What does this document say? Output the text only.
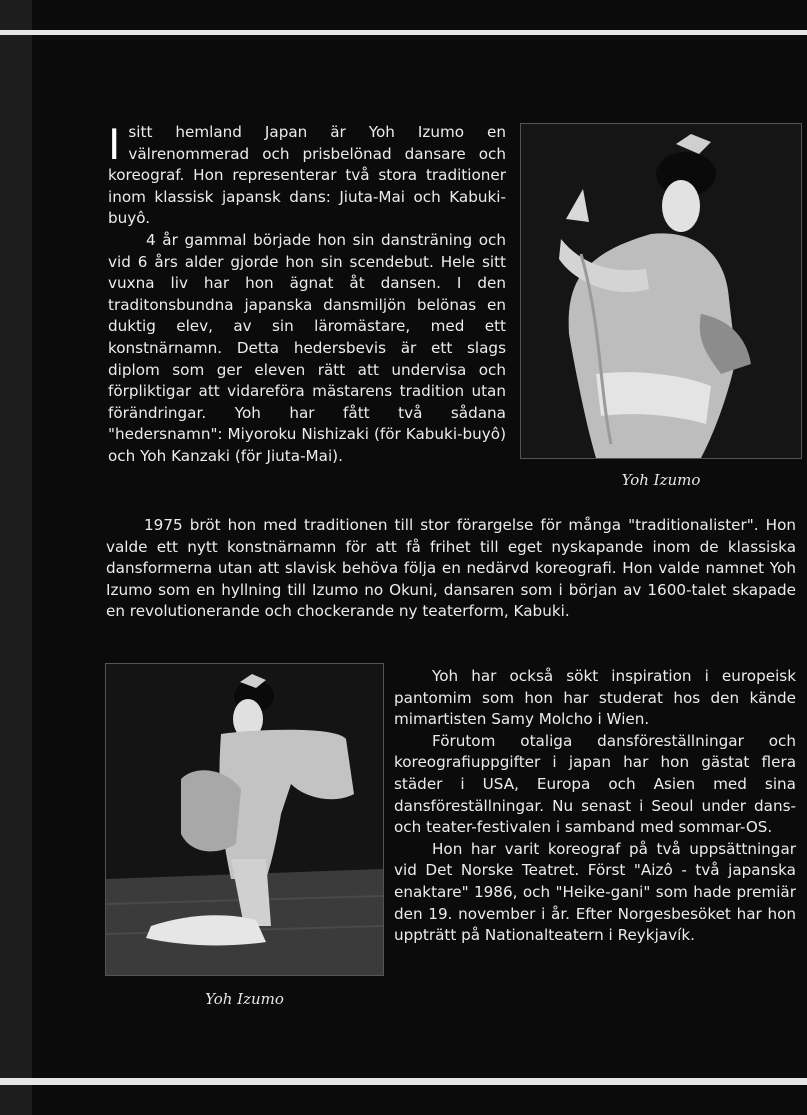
Isitt hemland Japan är Yoh Izumo en välrenommerad och prisbelönad dansare och koreograf. Hon representerar två stora traditioner inom klassisk japansk dans: Jiuta-Mai och Kabuki-buyô.

4 år gammal började hon sin dansträning och vid 6 års alder gjorde hon sin scendebut. Hele sitt vuxna liv har hon ägnat åt dansen. I den traditonsbundna japanska dansmiljön belönas en duktig elev, av sin läromästare, med ett konstnärnamn. Detta hedersbevis är ett slags diplom som ger eleven rätt att undervisa och förpliktigar att vidareföra mästarens tradition utan förändringar. Yoh har fått två sådana "hedersnamn": Miyoroku Nishizaki (för Kabuki-buyô) och Yoh Kanzaki (för Jiuta-Mai).

Yoh Izumo

1975 bröt hon med traditionen till stor förargelse för många "traditionalister". Hon valde ett nytt konstnärnamn för att få frihet till eget nyskapande inom de klassiska dansformerna utan att slavisk behöva följa en nedärvd koreografi. Hon valde namnet Yoh Izumo som en hyllning till Izumo no Okuni, dansaren som i början av 1600-talet skapade en revolutionerande och chockerande ny teaterform, Kabuki.

Yoh Izumo

Yoh har också sökt inspiration i europeisk pantomim som hon har studerat hos den kände mimartisten Samy Molcho i Wien.

Förutom otaliga dansföreställningar och koreografiuppgifter i japan har hon gästat flera städer i USA, Europa och Asien med sina dansföreställningar. Nu senast i Seoul under dans- och teater-festivalen i samband med sommar-OS.

Hon har varit koreograf på två uppsättningar vid Det Norske Teatret. Först "Aizô - två japanska enaktare" 1986, och "Heike-gani" som hade premiär den 19. november i år. Efter Norgesbesöket har hon uppträtt på Nationalteatern i Reykjavík.
